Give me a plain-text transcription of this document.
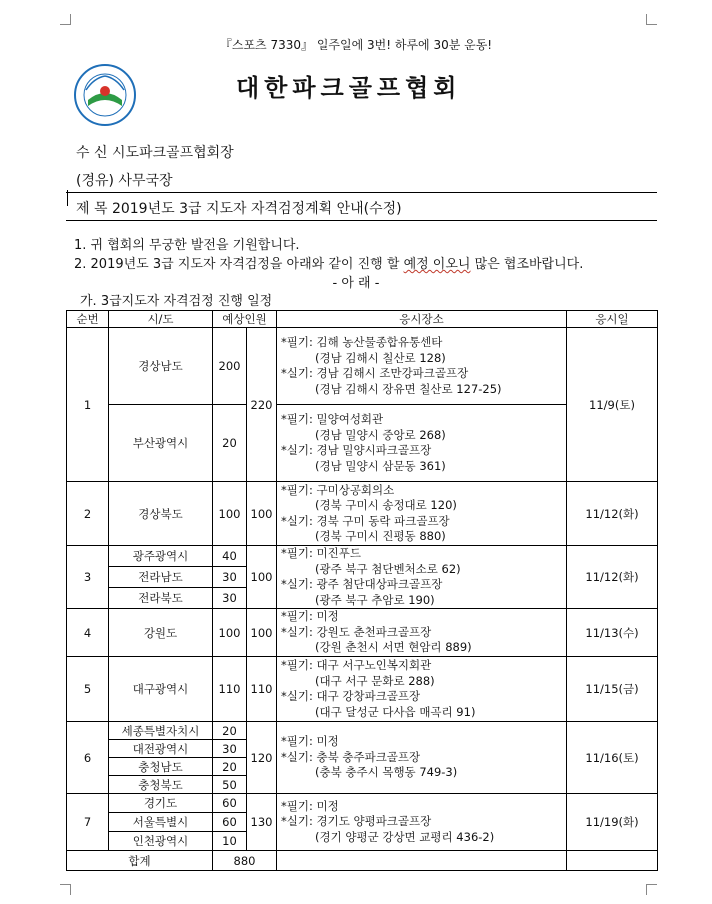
『스포츠 7330』 일주일에 3번! 하루에 30분 운동!
대한파크골프협회
수 신 시도파크골프협회장
(경유) 사무국장
제 목 2019년도 3급 지도자 자격검정계획 안내(수정)
1. 귀 협회의 무궁한 발전을 기원합니다.
2. 2019년도 3급 지도자 자격검정을 아래와 같이 진행 할 예정 이오니 많은 협조바랍니다.
- 아 래 -
가. 3급지도자 자격검정 진행 일정
순번	시/도	예상인원		응시장소	응시일
1	경상남도	200	220	*필기: 김해 농산물종합유통센타
(경남 김해시 칠산로 128)
*실기: 경남 김해시 조만강파크골프장
(경남 김해시 장유면 칠산로 127-25)	11/9(토)
	부산광역시	20		*필기: 밀양여성회관
(경남 밀양시 중앙로 268)
*실기: 경남 밀양시파크골프장
(경남 밀양시 삼문동 361)	

2	경상북도	100	100	*필기: 구미상공회의소
(경북 구미시 송정대로 120)
*실기: 경북 구미 동락 파크골프장
(경북 구미시 진평동 880)	11/12(화)
3	광주광역시	40	100	*필기: 미진푸드
(광주 북구 첨단벤처소로 62)
*실기: 광주 첨단대상파크골프장
(광주 북구 추암로 190)	11/12(화)
	전라남도	30			
	전라북도	30			
4	강원도	100	100	*필기: 미정
*실기: 강원도 춘천파크골프장
(강원 춘천시 서면 현암리 889)	11/13(수)
5	대구광역시	110	110	*필기: 대구 서구노인복지회관
(대구 서구 문화로 288)
*실기: 대구 강창파크골프장
(대구 달성군 다사읍 매곡리 91)	11/15(금)
6	세종특별자치시	20	120	*필기: 미정
*실기: 충북 충주파크골프장
(충북 충주시 목행동 749-3)	11/16(토)
	대전광역시	30			
	충청남도	20			
	충청북도	50			
7	경기도	60	130	*필기: 미정
*실기: 경기도 양평파크골프장
(경기 양평군 강상면 교평리 436-2)	11/19(화)
	서울특별시	60			
	인천광역시	10			
합계		880			
